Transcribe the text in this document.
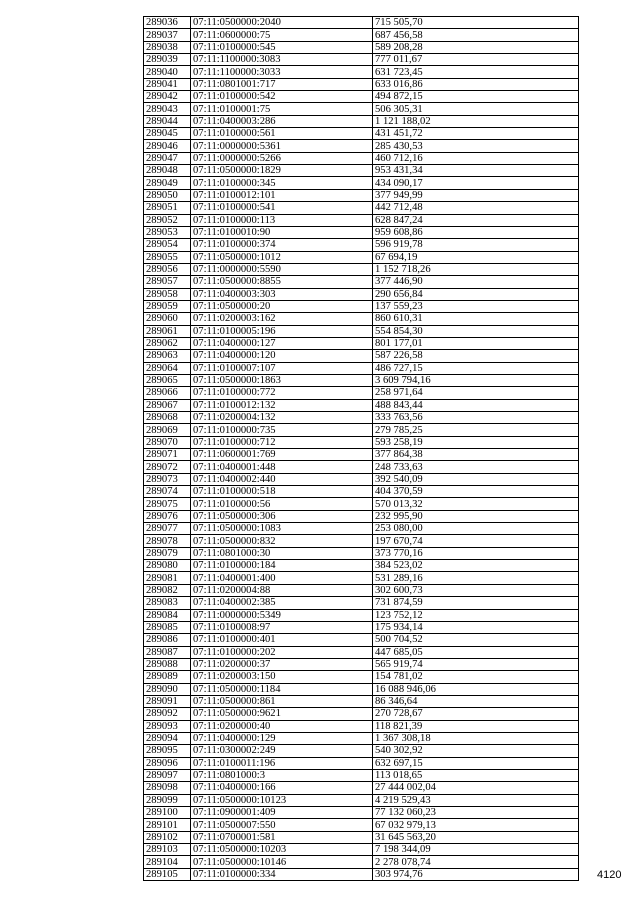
289036	07:11:0500000:2040	715 505,70
289037	07:11:0600000:75	687 456,58
289038	07:11:0100000:545	589 208,28
289039	07:11:1100000:3083	777 011,67
289040	07:11:1100000:3033	631 723,45
289041	07:11:0801001:717	633 016,86
289042	07:11:0100000:542	494 872,15
289043	07:11:0100001:75	506 305,31
289044	07:11:0400003:286	1 121 188,02
289045	07:11:0100000:561	431 451,72
289046	07:11:0000000:5361	285 430,53
289047	07:11:0000000:5266	460 712,16
289048	07:11:0500000:1829	953 431,34
289049	07:11:0100000:345	434 090,17
289050	07:11:0100012:101	377 949,99
289051	07:11:0100000:541	442 712,48
289052	07:11:0100000:113	628 847,24
289053	07:11:0100010:90	959 608,86
289054	07:11:0100000:374	596 919,78
289055	07:11:0500000:1012	67 694,19
289056	07:11:0000000:5590	1 152 718,26
289057	07:11:0500000:8855	377 446,90
289058	07:11:0400003:303	290 656,84
289059	07:11:0500000:20	137 559,23
289060	07:11:0200003:162	860 610,31
289061	07:11:0100005:196	554 854,30
289062	07:11:0400000:127	801 177,01
289063	07:11:0400000:120	587 226,58
289064	07:11:0100007:107	486 727,15
289065	07:11:0500000:1863	3 609 794,16
289066	07:11:0100000:772	258 971,64
289067	07:11:0100012:132	488 843,44
289068	07:11:0200004:132	333 763,56
289069	07:11:0100000:735	279 785,25
289070	07:11:0100000:712	593 258,19
289071	07:11:0600001:769	377 864,38
289072	07:11:0400001:448	248 733,63
289073	07:11:0400002:440	392 540,09
289074	07:11:0100000:518	404 370,59
289075	07:11:0100000:56	570 013,32
289076	07:11:0500000:306	232 995,90
289077	07:11:0500000:1083	253 080,00
289078	07:11:0500000:832	197 670,74
289079	07:11:0801000:30	373 770,16
289080	07:11:0100000:184	384 523,02
289081	07:11:0400001:400	531 289,16
289082	07:11:0200004:88	302 600,73
289083	07:11:0400002:385	731 874,59
289084	07:11:0000000:5349	123 752,12
289085	07:11:0100008:97	175 934,14
289086	07:11:0100000:401	500 704,52
289087	07:11:0100000:202	447 685,05
289088	07:11:0200000:37	565 919,74
289089	07:11:0200003:150	154 781,02
289090	07:11:0500000:1184	16 088 946,06
289091	07:11:0500000:861	86 346,64
289092	07:11:0500000:9621	270 728,67
289093	07:11:0200000:40	118 821,39
289094	07:11:0400000:129	1 367 308,18
289095	07:11:0300002:249	540 302,92
289096	07:11:0100011:196	632 697,15
289097	07:11:0801000:3	113 018,65
289098	07:11:0400000:166	27 444 002,04
289099	07:11:0500000:10123	4 219 529,43
289100	07:11:0900001:409	77 132 060,23
289101	07:11:0500007:550	67 032 979,13
289102	07:11:0700001:581	31 645 563,20
289103	07:11:0500000:10203	7 198 344,09
289104	07:11:0500000:10146	2 278 078,74
289105	07:11:0100000:334	303 974,76	4120
